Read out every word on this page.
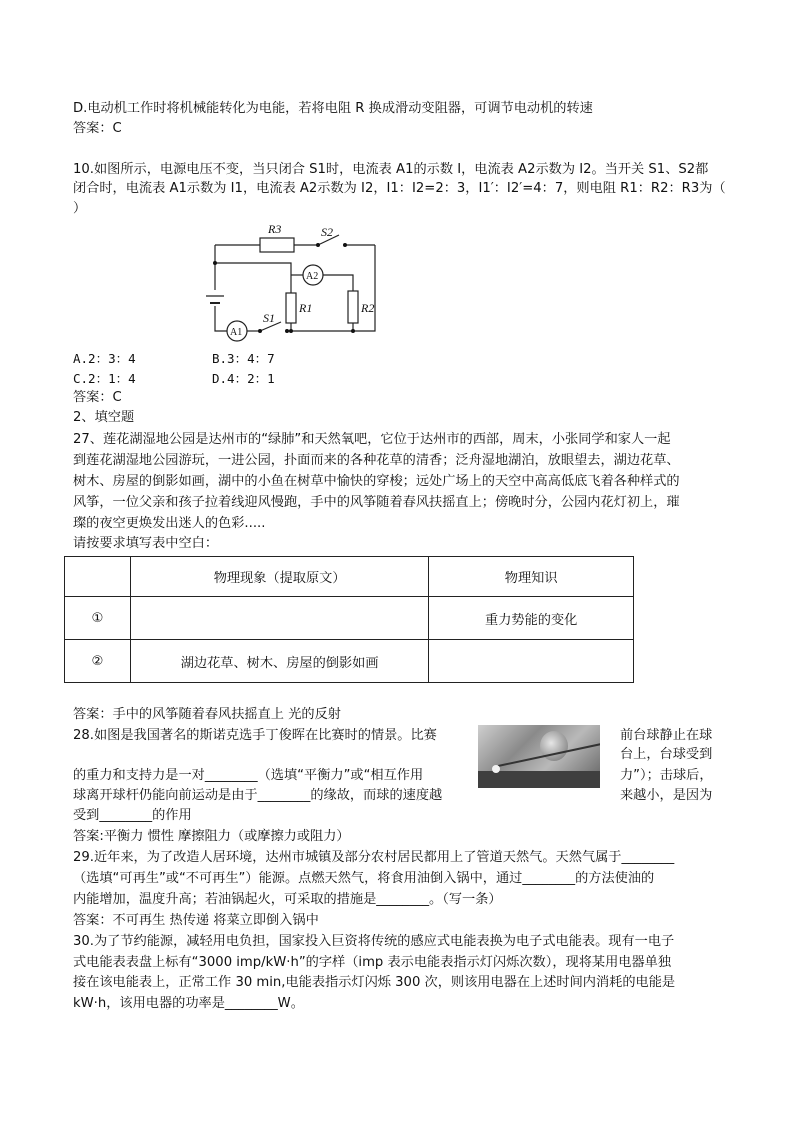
D.电动机工作时将机械能转化为电能，若将电阻 R 换成滑动变阻器，可调节电动机的转速
答案：C
10.如图所示，电源电压不变，当只闭合 S1时，电流表 A1的示数 I，电流表 A2示数为 I2。当开关 S1、S2都
闭合时，电流表 A1示数为 I1，电流表 A2示数为 I2，I1：I2=2：3，I1′：I2′=4：7，则电阻 R1：R2：R3为（
）
R3	S2
A2
R1	R2
S1
A1
A.2：3：4	B.3：4：7
C.2：1：4	D.4：2：1
答案：C
2、填空题
27、莲花湖湿地公园是达州市的“绿肺”和天然氧吧，它位于达州市的西部，周末，小张同学和家人一起
到莲花湖湿地公园游玩，一进公园，扑面而来的各种花草的清香；泛舟湿地湖泊，放眼望去，湖边花草、
树木、房屋的倒影如画，湖中的小鱼在树草中愉快的穿梭；远处广场上的天空中高高低底飞着各种样式的
风筝，一位父亲和孩子拉着线迎风慢跑，手中的风筝随着春风扶摇直上；傍晚时分，公园内花灯初上，璀
璨的夜空更焕发出迷人的色彩.....
请按要求填写表中空白：
	物理现象（提取原文）	物理知识
①		重力势能的变化
②	湖边花草、树木、房屋的倒影如画	
答案：手中的风筝随着春风扶摇直上 光的反射
28.如图是我国著名的斯诺克选手丁俊晖在比赛时的情景。比赛	前台球静止在球
台上，台球受到
的重力和支持力是一对________（选填“平衡力”或“相互作用	力”）；击球后，
球离开球杆仍能向前运动是由于________的缘故，而球的速度越	来越小，是因为
受到________的作用
答案:平衡力 惯性 摩擦阻力（或摩擦力或阻力）
29.近年来，为了改造人居环境，达州市城镇及部分农村居民都用上了管道天然气。天然气属于________
（选填“可再生”或“不可再生”）能源。点燃天然气，将食用油倒入锅中，通过________的方法使油的
内能增加，温度升高；若油锅起火，可采取的措施是________。（写一条）
答案：不可再生 热传递 将菜立即倒入锅中
30.为了节约能源，减轻用电负担，国家投入巨资将传统的感应式电能表换为电子式电能表。现有一电子
式电能表表盘上标有“3000 imp/kW·h”的字样（imp 表示电能表指示灯闪烁次数），现将某用电器单独
接在该电能表上，正常工作 30 min,电能表指示灯闪烁 300 次，则该用电器在上述时间内消耗的电能是
kW·h，该用电器的功率是________W。
